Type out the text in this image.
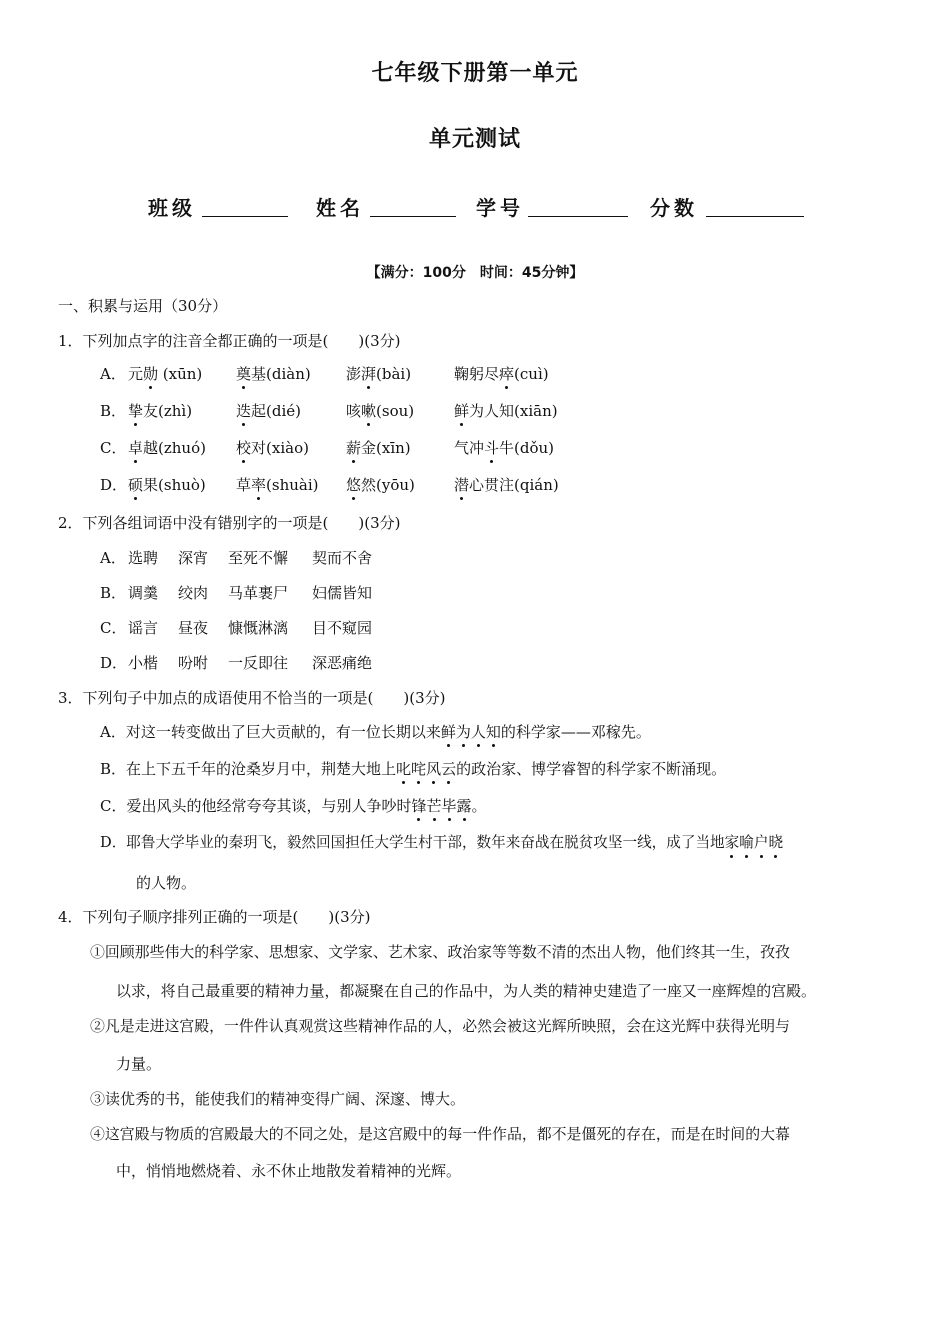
七年级下册第一单元
单元测试
班级	姓名	学号	分数
【满分：100分　时间：45分钟】
一、积累与运用（30分）
1．下列加点字的注音全都正确的一项是( )(3分)
A． 元勋 (xūn) 奠基(diàn) 澎湃(bài)	鞠躬尽瘁(cuì)
B． 挚友(zhì)	迭起(dié)	咳嗽(sou)	鲜为人知(xiān)
C． 卓越(zhuó) 校对(xiào) 薪金(xīn)	气冲斗牛(dǒu)
D． 硕果(shuò) 草率(shuài) 悠然(yōu)	潜心贯注(qián)
2．下列各组词语中没有错别字的一项是( )(3分)
A． 选聘 深宵 至死不懈 契而不舍
B． 调羹 绞肉 马革裹尸 妇儒皆知
C． 谣言 昼夜 慷慨淋漓 目不窥园
D． 小楷 吩咐 一反即往 深恶痛绝
3．下列句子中加点的成语使用不恰当的一项是( )(3分)
A．对这一转变做出了巨大贡献的，有一位长期以来鲜为人知的科学家——邓稼先。
B．在上下五千年的沧桑岁月中，荆楚大地上叱咤风云的政治家、博学睿智的科学家不断涌现。
C．爱出风头的他经常夸夸其谈，与别人争吵时锋芒毕露。
D．耶鲁大学毕业的秦玥飞，毅然回国担任大学生村干部，数年来奋战在脱贫攻坚一线，成了当地家喻户晓
的人物。
4．下列句子顺序排列正确的一项是( )(3分)
①回顾那些伟大的科学家、思想家、文学家、艺术家、政治家等等数不清的杰出人物，他们终其一生，孜孜
以求，将自己最重要的精神力量，都凝聚在自己的作品中，为人类的精神史建造了一座又一座辉煌的宫殿。
②凡是走进这宫殿，一件件认真观赏这些精神作品的人，必然会被这光辉所映照，会在这光辉中获得光明与
力量。
③读优秀的书，能使我们的精神变得广阔、深邃、博大。
④这宫殿与物质的宫殿最大的不同之处，是这宫殿中的每一件作品，都不是僵死的存在，而是在时间的大幕
中，悄悄地燃烧着、永不休止地散发着精神的光辉。
